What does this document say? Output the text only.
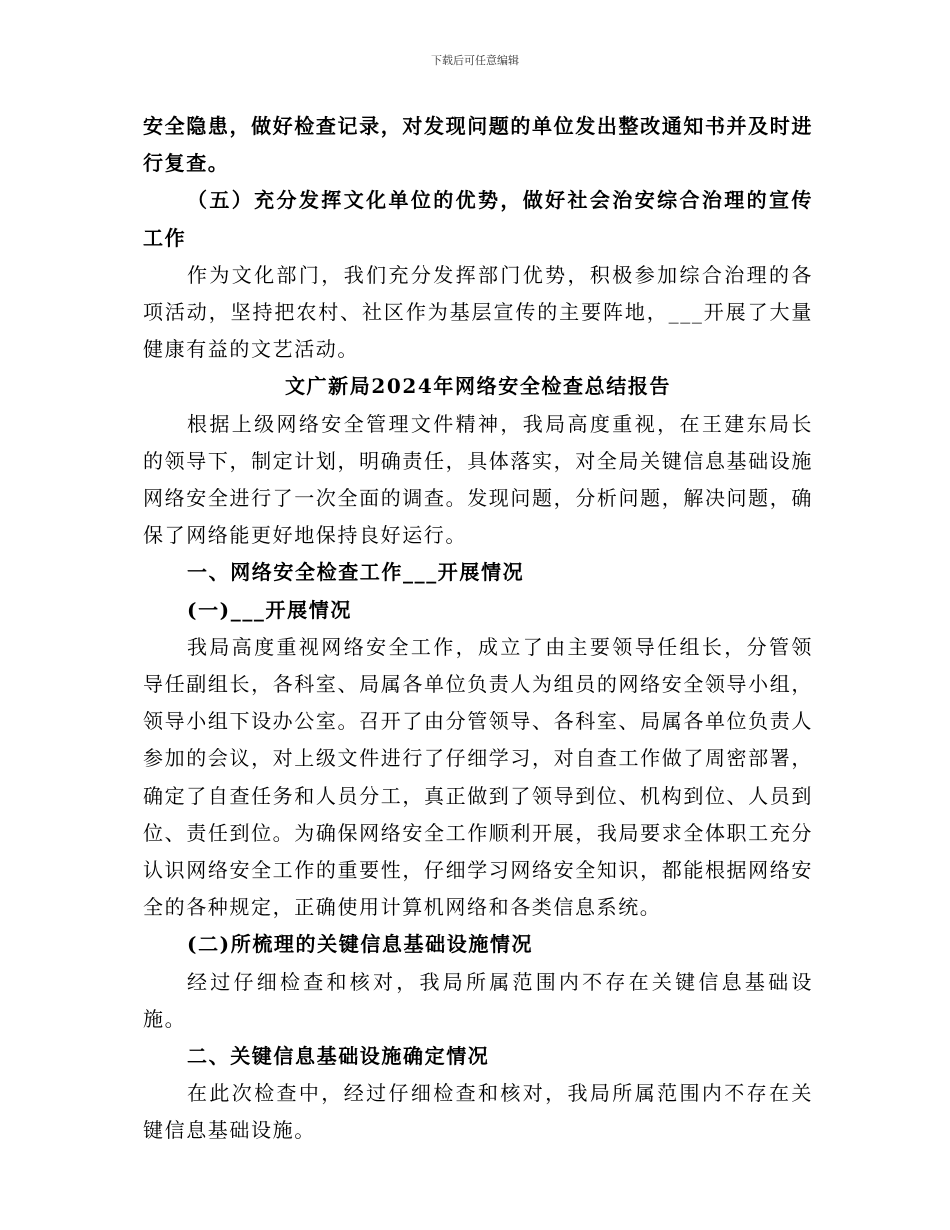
下载后可任意编辑

安全隐患，做好检查记录，对发现问题的单位发出整改通知书并及时进行复查。

（五）充分发挥文化单位的优势，做好社会治安综合治理的宣传工作

作为文化部门，我们充分发挥部门优势，积极参加综合治理的各项活动，坚持把农村、社区作为基层宣传的主要阵地，___开展了大量健康有益的文艺活动。

文广新局2024年网络安全检查总结报告

根据上级网络安全管理文件精神，我局高度重视，在王建东局长的领导下，制定计划，明确责任，具体落实，对全局关键信息基础设施网络安全进行了一次全面的调查。发现问题，分析问题，解决问题，确保了网络能更好地保持良好运行。

一、网络安全检查工作___开展情况

(一)___开展情况

我局高度重视网络安全工作，成立了由主要领导任组长，分管领导任副组长，各科室、局属各单位负责人为组员的网络安全领导小组，领导小组下设办公室。召开了由分管领导、各科室、局属各单位负责人参加的会议，对上级文件进行了仔细学习，对自查工作做了周密部署，确定了自查任务和人员分工，真正做到了领导到位、机构到位、人员到位、责任到位。为确保网络安全工作顺利开展，我局要求全体职工充分认识网络安全工作的重要性，仔细学习网络安全知识，都能根据网络安全的各种规定，正确使用计算机网络和各类信息系统。

(二)所梳理的关键信息基础设施情况

经过仔细检查和核对，我局所属范围内不存在关键信息基础设施。

二、关键信息基础设施确定情况

在此次检查中，经过仔细检查和核对，我局所属范围内不存在关键信息基础设施。
